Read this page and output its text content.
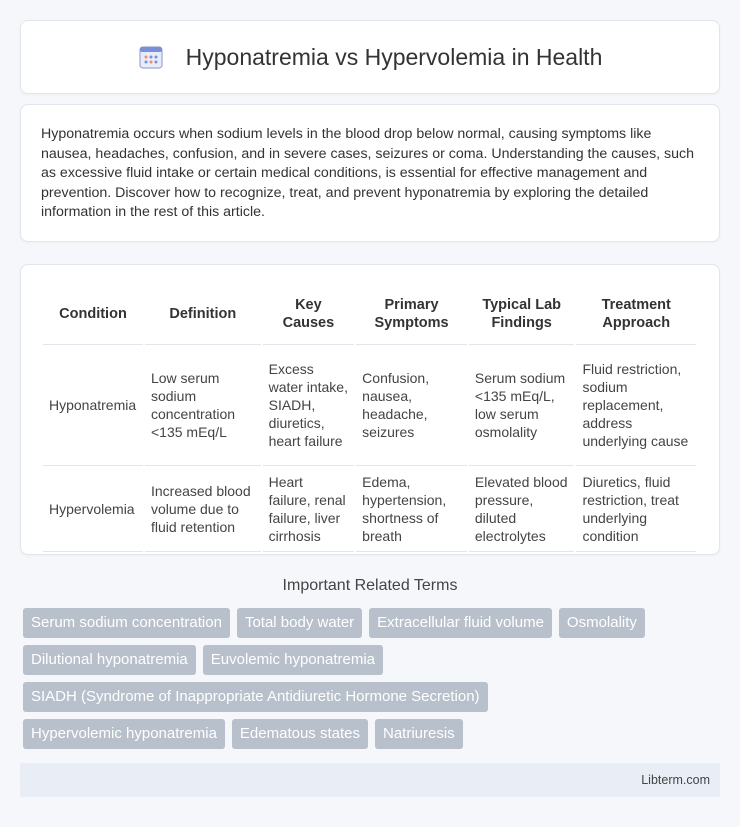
Hyponatremia vs Hypervolemia in Health

Hyponatremia occurs when sodium levels in the blood drop below normal, causing symptoms like nausea, headaches, confusion, and in severe cases, seizures or coma. Understanding the causes, such as excessive fluid intake or certain medical conditions, is essential for effective management and prevention. Discover how to recognize, treat, and prevent hyponatremia by exploring the detailed information in the rest of this article.

Condition	Definition	Key Causes	Primary Symptoms	Typical Lab Findings	Treatment Approach
Hyponatremia	Low serum sodium concentration <135 mEq/L	Excess water intake, SIADH, diuretics, heart failure	Confusion, nausea, headache, seizures	Serum sodium <135 mEq/L, low serum osmolality	Fluid restriction, sodium replacement, address underlying cause
Hypervolemia	Increased blood volume due to fluid retention	Heart failure, renal failure, liver cirrhosis	Edema, hypertension, shortness of breath	Elevated blood pressure, diluted electrolytes	Diuretics, fluid restriction, treat underlying condition
Important Related Terms
Serum sodium concentration	Total body water	Extracellular fluid volume	Osmolality
Dilutional hyponatremia	Euvolemic hyponatremia
SIADH (Syndrome of Inappropriate Antidiuretic Hormone Secretion)
Hypervolemic hyponatremia	Edematous states	Natriuresis
Libterm.com
